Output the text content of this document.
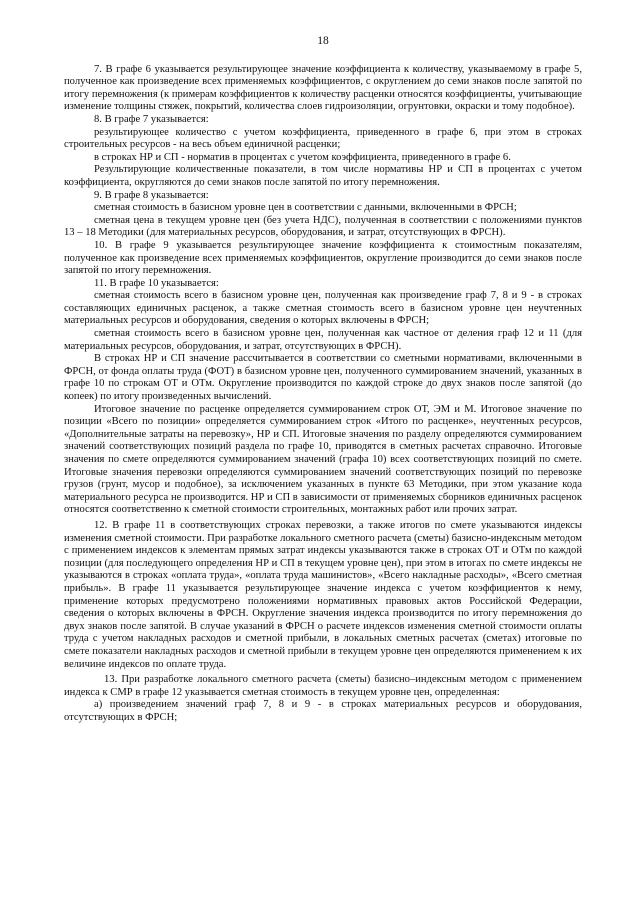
18

7. В графе 6 указывается результирующее значение коэффициента к количеству, указываемому в графе 5, полученное как произведение всех применяемых коэффициентов, с округлением до семи знаков после запятой по итогу перемножения (к примерам коэффициентов к количеству расценки относятся коэффициенты, учитывающие изменение толщины стяжек, покрытий, количества слоев гидроизоляции, огрунтовки, окраски и тому подобное).

8. В графе 7 указывается:

результирующее количество с учетом коэффициента, приведенного в графе 6, при этом в строках строительных ресурсов - на весь объем единичной расценки;

в строках НР и СП - норматив в процентах с учетом коэффициента, приведенного в графе 6.

Результирующие количественные показатели, в том числе нормативы НР и СП в процентах с учетом коэффициента, округляются до семи знаков после запятой по итогу перемножения.

9. В графе 8 указывается:

сметная стоимость в базисном уровне цен в соответствии с данными, включенными в ФРСН;

сметная цена в текущем уровне цен (без учета НДС), полученная в соответствии с положениями пунктов 13 – 18 Методики (для материальных ресурсов, оборудования, и затрат, отсутствующих в ФРСН).

10. В графе 9 указывается результирующее значение коэффициента к стоимостным показателям, полученное как произведение всех применяемых коэффициентов, округление производится до семи знаков после запятой по итогу перемножения.

11. В графе 10 указывается:

сметная стоимость всего в базисном уровне цен, полученная как произведение граф 7, 8 и 9 - в строках составляющих единичных расценок, а также сметная стоимость всего в базисном уровне цен неучтенных материальных ресурсов и оборудования, сведения о которых включены в ФРСН;

сметная стоимость всего в базисном уровне цен, полученная как частное от деления граф 12 и 11 (для материальных ресурсов, оборудования, и затрат, отсутствующих в ФРСН).

В строках НР и СП значение рассчитывается в соответствии со сметными нормативами, включенными в ФРСН, от фонда оплаты труда (ФОТ) в базисном уровне цен, полученного суммированием значений, указанных в графе 10 по строкам ОТ и ОТм. Округление производится по каждой строке до двух знаков после запятой (до копеек) по итогу произведенных вычислений.

Итоговое значение по расценке определяется суммированием строк ОТ, ЭМ и М. Итоговое значение по позиции «Всего по позиции» определяется суммированием строк «Итого по расценке», неучтенных ресурсов, «Дополнительные затраты на перевозку», НР и СП. Итоговые значения по разделу определяются суммированием значений соответствующих позиций раздела по графе 10, приводятся в сметных расчетах справочно. Итоговые значения по смете определяются суммированием значений (графа 10) всех соответствующих позиций по смете. Итоговые значения перевозки определяются суммированием значений соответствующих позиций по перевозке грузов (грунт, мусор и подобное), за исключением указанных в пункте 63 Методики, при этом указание кода материального ресурса не производится. НР и СП в зависимости от применяемых сборников единичных расценок относятся соответственно к сметной стоимости строительных, монтажных работ или прочих затрат.

12. В графе 11 в соответствующих строках перевозки, а также итогов по смете указываются индексы изменения сметной стоимости. При разработке локального сметного расчета (сметы) базисно-индексным методом с применением индексов к элементам прямых затрат индексы указываются также в строках ОТ и ОТм по каждой позиции (для последующего определения НР и СП в текущем уровне цен), при этом в итогах по смете индексы не указываются в строках «оплата труда», «оплата труда машинистов», «Всего накладные расходы», «Всего сметная прибыль». В графе 11 указывается результирующее значение индекса с учетом коэффициентов к нему, применение которых предусмотрено положениями нормативных правовых актов Российской Федерации, сведения о которых включены в ФРСН. Округление значения индекса производится по итогу перемножения до двух знаков после запятой. В случае указаний в ФРСН о расчете индексов изменения сметной стоимости оплаты труда с учетом накладных расходов и сметной прибыли, в локальных сметных расчетах (сметах) итоговые по смете показатели накладных расходов и сметной прибыли в текущем уровне цен определяются применением к их величине индексов по оплате труда.

13. При разработке локального сметного расчета (сметы) базисно–индексным методом с применением индекса к СМР в графе 12 указывается сметная стоимость в текущем уровне цен, определенная:

а) произведением значений граф 7, 8 и 9 - в строках материальных ресурсов и оборудования, отсутствующих в ФРСН;
